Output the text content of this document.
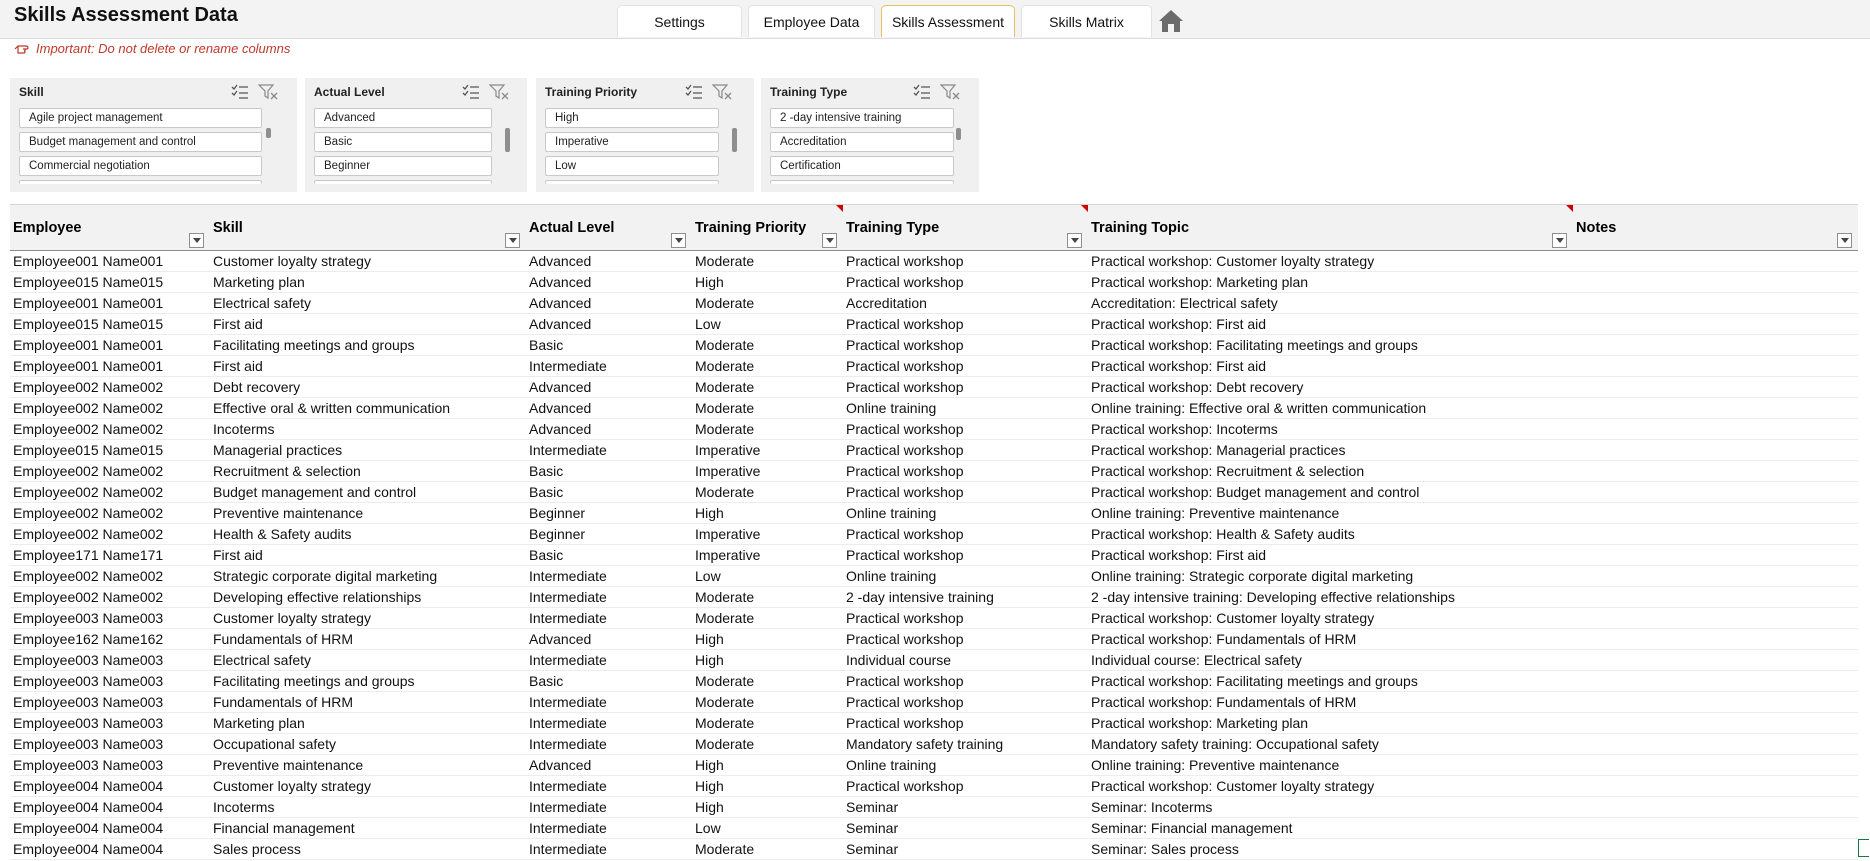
Skills Assessment Data	Settings	Employee Data	Skills Assessment	Skills Matrix
Important: Do not delete or rename columns
Skill
Agile project management
Budget management and control
Commercial negotiation
Actual Level
Advanced
Basic
Beginner
Training Priority
High
Imperative
Low
Training Type
2 -day intensive training
Accreditation
Certification
Employee	Skill	Actual Level	Training Priority	Training Type	Training Topic	Notes

Employee001 Name001	Customer loyalty strategy	Advanced	Moderate	Practical workshop	Practical workshop: Customer loyalty strategy	
Employee015 Name015	Marketing plan	Advanced	High	Practical workshop	Practical workshop: Marketing plan	
Employee001 Name001	Electrical safety	Advanced	Moderate	Accreditation	Accreditation: Electrical safety	
Employee015 Name015	First aid	Advanced	Low	Practical workshop	Practical workshop: First aid	
Employee001 Name001	Facilitating meetings and groups	Basic	Moderate	Practical workshop	Practical workshop: Facilitating meetings and groups	
Employee001 Name001	First aid	Intermediate	Moderate	Practical workshop	Practical workshop: First aid	
Employee002 Name002	Debt recovery	Advanced	Moderate	Practical workshop	Practical workshop: Debt recovery	
Employee002 Name002	Effective oral & written communication	Advanced	Moderate	Online training	Online training: Effective oral & written communication	
Employee002 Name002	Incoterms	Advanced	Moderate	Practical workshop	Practical workshop: Incoterms	
Employee015 Name015	Managerial practices	Intermediate	Imperative	Practical workshop	Practical workshop: Managerial practices	
Employee002 Name002	Recruitment & selection	Basic	Imperative	Practical workshop	Practical workshop: Recruitment & selection	
Employee002 Name002	Budget management and control	Basic	Moderate	Practical workshop	Practical workshop: Budget management and control	
Employee002 Name002	Preventive maintenance	Beginner	High	Online training	Online training: Preventive maintenance	
Employee002 Name002	Health & Safety audits	Beginner	Imperative	Practical workshop	Practical workshop: Health & Safety audits	
Employee171 Name171	First aid	Basic	Imperative	Practical workshop	Practical workshop: First aid	
Employee002 Name002	Strategic corporate digital marketing	Intermediate	Low	Online training	Online training: Strategic corporate digital marketing	
Employee002 Name002	Developing effective relationships	Intermediate	Moderate	2 -day intensive training	2 -day intensive training: Developing effective relationships	
Employee003 Name003	Customer loyalty strategy	Intermediate	Moderate	Practical workshop	Practical workshop: Customer loyalty strategy	
Employee162 Name162	Fundamentals of HRM	Advanced	High	Practical workshop	Practical workshop: Fundamentals of HRM	
Employee003 Name003	Electrical safety	Intermediate	High	Individual course	Individual course: Electrical safety	
Employee003 Name003	Facilitating meetings and groups	Basic	Moderate	Practical workshop	Practical workshop: Facilitating meetings and groups	
Employee003 Name003	Fundamentals of HRM	Intermediate	Moderate	Practical workshop	Practical workshop: Fundamentals of HRM	
Employee003 Name003	Marketing plan	Intermediate	Moderate	Practical workshop	Practical workshop: Marketing plan	
Employee003 Name003	Occupational safety	Intermediate	Moderate	Mandatory safety training	Mandatory safety training: Occupational safety	
Employee003 Name003	Preventive maintenance	Advanced	High	Online training	Online training: Preventive maintenance	
Employee004 Name004	Customer loyalty strategy	Intermediate	High	Practical workshop	Practical workshop: Customer loyalty strategy	
Employee004 Name004	Incoterms	Intermediate	High	Seminar	Seminar: Incoterms	
Employee004 Name004	Financial management	Intermediate	Low	Seminar	Seminar: Financial management	
Employee004 Name004	Sales process	Intermediate	Moderate	Seminar	Seminar: Sales process	
